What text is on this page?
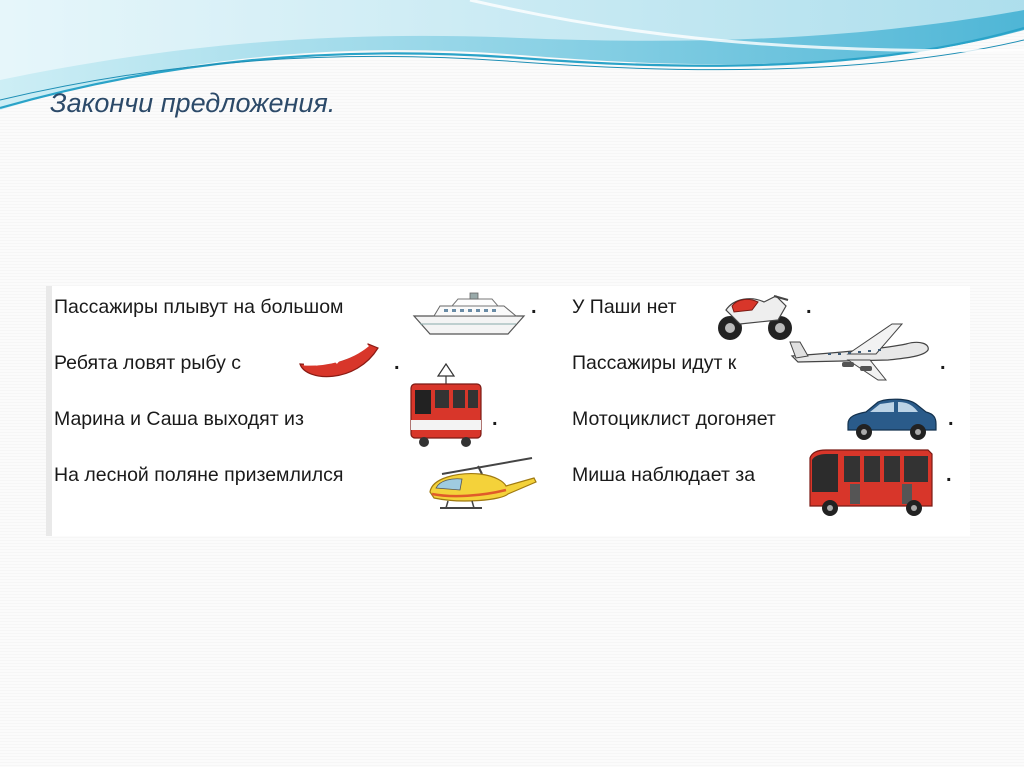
Закончи предложения.
Пассажиры плывут на большом	.
Ребята ловят рыбу с	.
Марина и Саша выходят из	.
На лесной поляне приземлился
У Паши нет	.
Пассажиры идут к	.
Мотоциклист догоняет	.
Миша наблюдает за	.
